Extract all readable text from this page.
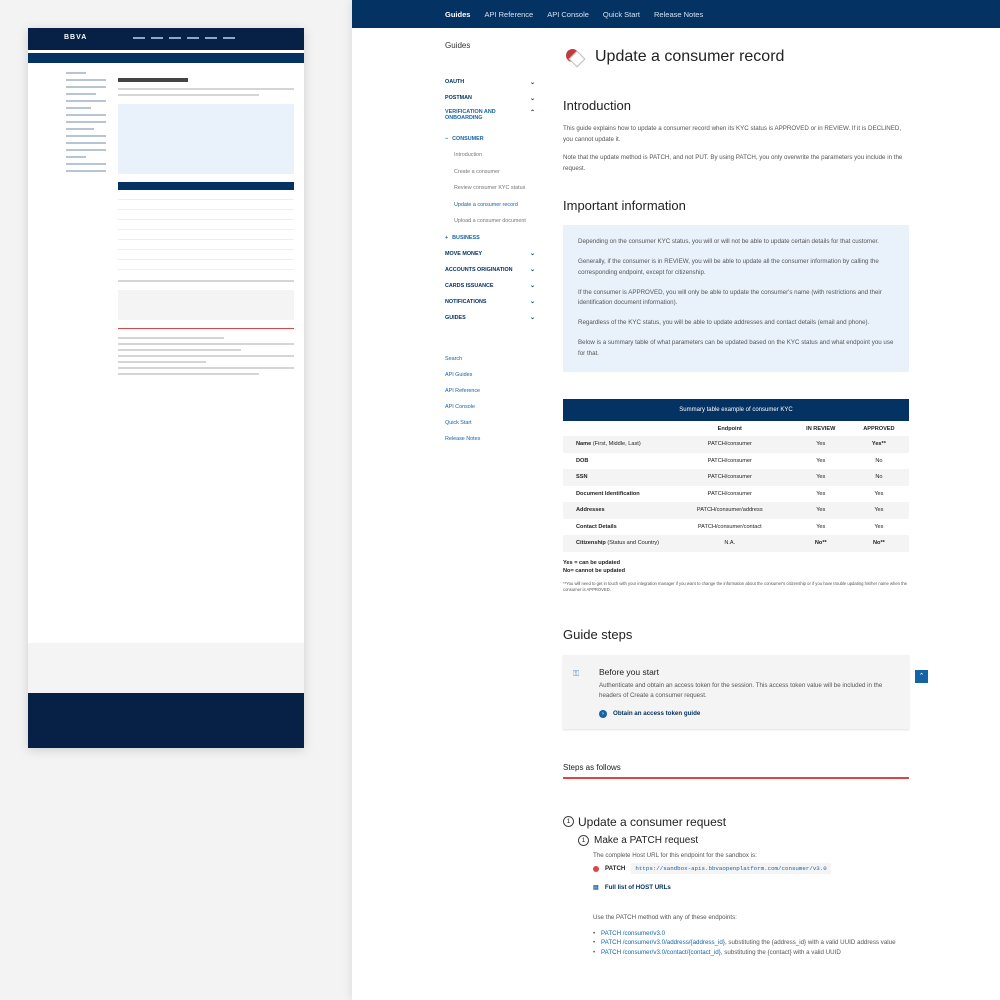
BBVA
Guides API Reference API Console Quick Start Release Notes
Guides
OAUTH	⌄
POSTMAN	⌄
VERIFICATION AND ONBOARDING
⌃
− CONSUMER
Introduction
Create a consumer
Review consumer KYC status
Update a consumer record
Upload a consumer document
+ BUSINESS
MOVE MONEY	⌄
ACCOUNTS ORIGINATION	⌄
CARDS ISSUANCE	⌄
NOTIFICATIONS	⌄
GUIDES	⌄
Search
API Guides
API Reference
API Console
Quick Start
Release Notes
Update a consumer record
Introduction
This guide explains how to update a consumer record when its KYC status is APPROVED or in REVIEW. If it is DECLINED, you cannot update it.
Note that the update method is PATCH, and not PUT. By using PATCH, you only overwrite the parameters you include in the request.
Important information
Depending on the consumer KYC status, you will or will not be able to update certain details for that customer.
Generally, if the consumer is in REVIEW, you will be able to update all the consumer information by calling the corresponding endpoint, except for citizenship.
If the consumer is APPROVED, you will only be able to update the consumer's name (with restrictions and their identification document information).
Regardless of the KYC status, you will be able to update addresses and contact details (email and phone).
Below is a summary table of what parameters can be updated based on the KYC status and what endpoint you use for that.
Summary table example of consumer KYC			
	Endpoint	IN REVIEW	APPROVED
Name (First, Middle, Last)	PATCH/consumer	Yes	Yes**
DOB	PATCH/consumer	Yes	No
SSN	PATCH/consumer	Yes	No
Document Identification	PATCH/consumer	Yes	Yes
Addresses	PATCH/consumer/address	Yes	Yes
Contact Details	PATCH/consumer/contact	Yes	Yes
Citizenship (Status and Country)	N.A.	No**	No**
Yes = can be updated
No= cannot be updated
**You will need to get in touch with your integration manager if you want to change the information about the consumer's citizenship or if you have trouble updating his/her name when the consumer is APPROVED.
Guide steps
⚿	Before you start
Authenticate and obtain an access token for the session. This access token value will be included in the headers of Create a consumer request.
›	Obtain an access token guide
Steps as follows
1 Update a consumer request
1 Make a PATCH request
The complete Host URL for this endpoint for the sandbox is:
PATCH	https://sandbox-apis.bbvaopenplatform.com/consumer/v3.0
▤ Full list of HOST URLs
Use the PATCH method with any of these endpoints:
• PATCH /consumer/v3.0
• PATCH /consumer/v3.0/address/{address_id}, substituting the {address_id} with a valid UUID address value
• PATCH /consumer/v3.0/contact/{contact_id}, substituting the {contact} with a valid UUID
⌃
